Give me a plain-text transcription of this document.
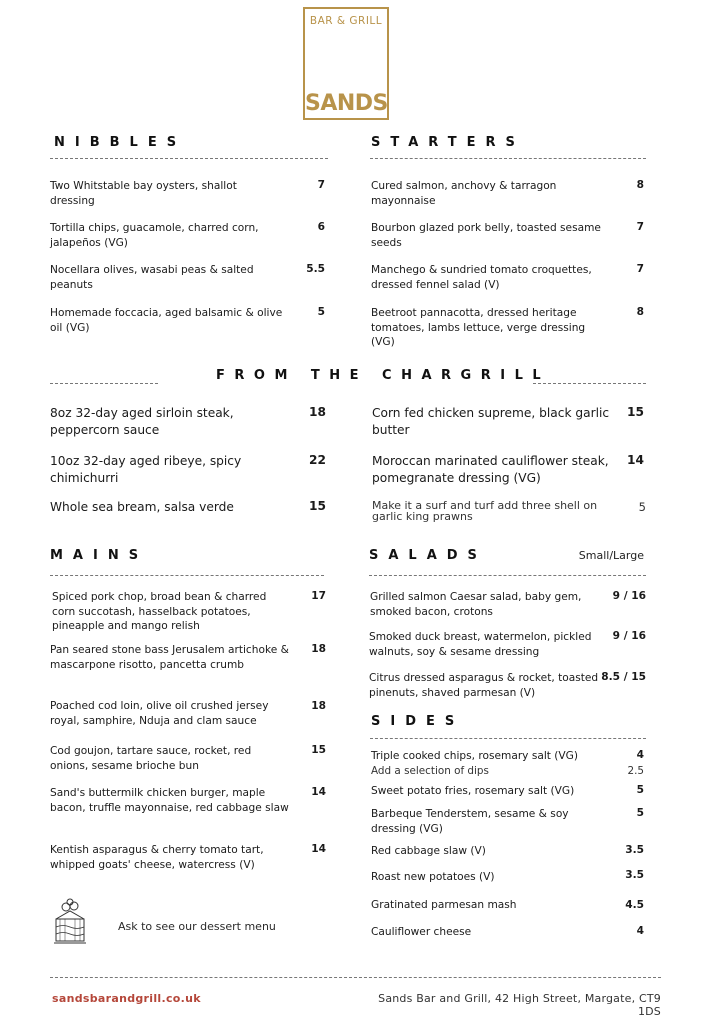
BAR & GRILL
SANDS
NIBBLES
Two Whitstable bay oysters, shallot dressing
7
Tortilla chips, guacamole, charred corn, jalapeños (VG)
6
Nocellara olives, wasabi peas & salted peanuts
5.5
Homemade foccacia, aged balsamic & olive oil (VG)
5
STARTERS
Cured salmon, anchovy & tarragon mayonnaise
8
Bourbon glazed pork belly, toasted sesame seeds
7
Manchego & sundried tomato croquettes, dressed fennel salad (V)
7
Beetroot pannacotta, dressed heritage tomatoes, lambs lettuce, verge dressing (VG)
8
FROM THE CHARGRILL
8oz 32-day aged sirloin steak, peppercorn sauce
18
10oz 32-day aged ribeye, spicy chimichurri
22
Whole sea bream, salsa verde	15
Corn fed chicken supreme, black garlic butter
15
Moroccan marinated cauliflower steak, pomegranate dressing (VG)
14
Make it a surf and turf add three shell on garlic king prawns
5
MAINS
Spiced pork chop, broad bean & charred corn succotash, hasselback potatoes, pineapple and mango relish
17
Pan seared stone bass Jerusalem artichoke & mascarpone risotto, pancetta crumb
18
Poached cod loin, olive oil crushed jersey royal, samphire, Nduja and clam sauce
18
Cod goujon, tartare sauce, rocket, red onions, sesame brioche bun
15
Sand's buttermilk chicken burger, maple bacon, truffle mayonnaise, red cabbage slaw
14
Kentish asparagus & cherry tomato tart, whipped goats' cheese, watercress (V)
14
Ask to see our dessert menu
SALADS	Small/Large
Grilled salmon Caesar salad, baby gem, smoked bacon, crotons
9 / 16
Smoked duck breast, watermelon, pickled walnuts, soy & sesame dressing
9 / 16
Citrus dressed asparagus & rocket, toasted pinenuts, shaved parmesan (V)
8.5 / 15
SIDES
Triple cooked chips, rosemary salt (VG)	4
Add a selection of dips	2.5
Sweet potato fries, rosemary salt (VG)	5
Barbeque Tenderstem, sesame & soy dressing (VG)
5
Red cabbage slaw (V)	3.5
Roast new potatoes (V)	3.5
Gratinated parmesan mash	4.5
Cauliflower cheese	4
sandsbarandgrill.co.uk	Sands Bar and Grill, 42 High Street, Margate, CT9 1DS
